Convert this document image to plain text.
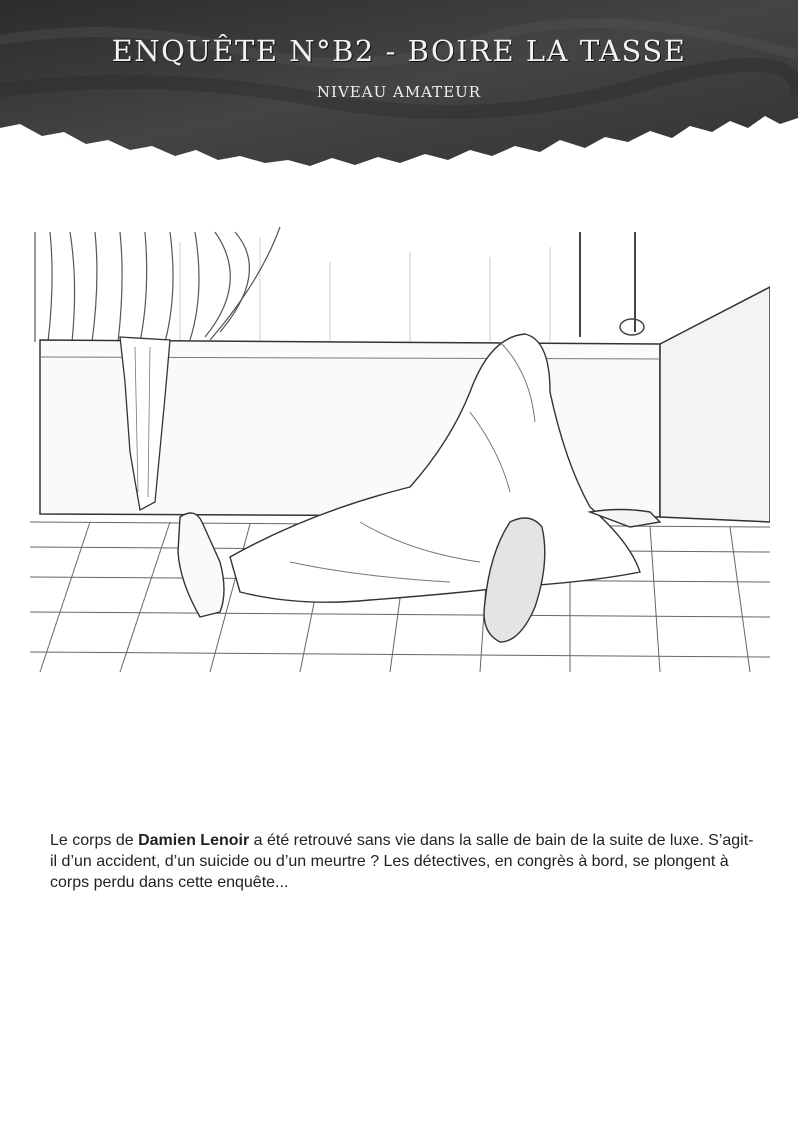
ENQUÊTE N°B2 - BOIRE LA TASSE
NIVEAU AMATEUR
Le corps de Damien Lenoir a été retrouvé sans vie dans la salle de bain de la suite de luxe. S’agit-il d’un accident, d’un suicide ou d’un meurtre ? Les détectives, en congrès à bord, se plongent à corps perdu dans cette enquête...
